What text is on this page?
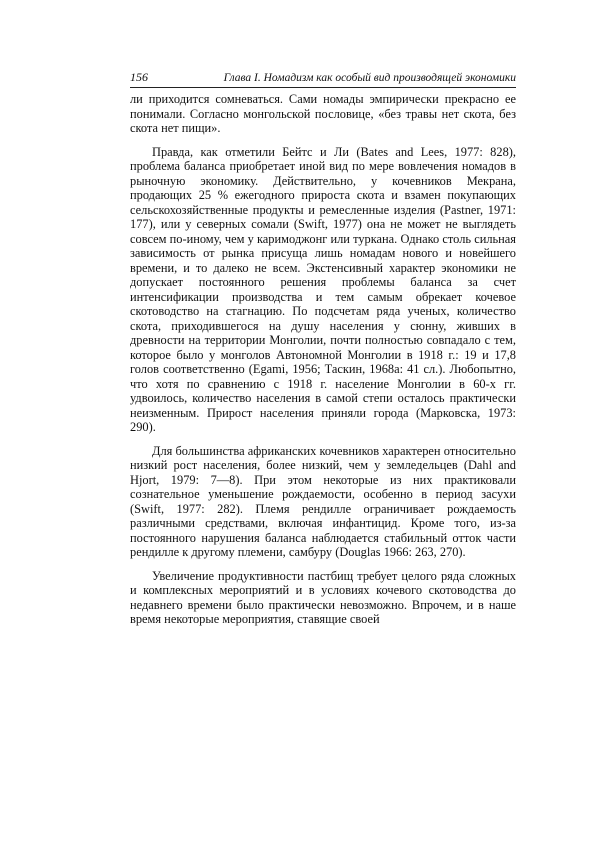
156	Глава I. Номадизм как особый вид производящей экономики

ли приходится сомневаться. Сами номады эмпирически прекрасно ее понимали. Согласно монгольской пословице, «без травы нет скота, без скота нет пищи».

Правда, как отметили Бейтс и Ли (Bates and Lees, 1977: 828), проблема баланса приобретает иной вид по мере вовлечения номадов в рыночную экономику. Действительно, у кочевников Мекрана, продающих 25 % ежегодного прироста скота и взамен покупающих сельскохозяйственные продукты и ремесленные изделия (Pastner, 1971: 177), или у северных сомали (Swift, 1977) она не может не выглядеть совсем по-иному, чем у каримоджонг или туркана. Однако столь сильная зависимость от рынка присуща лишь номадам нового и новейшего времени, и то далеко не всем. Экстенсивный характер экономики не допускает постоянного решения проблемы баланса за счет интенсификации производства и тем самым обрекает кочевое скотоводство на стагнацию. По подсчетам ряда ученых, количество скота, приходившегося на душу населения у сюнну, живших в древности на территории Монголии, почти полностью совпадало с тем, которое было у монголов Автономной Монголии в 1918 г.: 19 и 17,8 голов соответственно (Egami, 1956; Таскин, 1968а: 41 сл.). Любопытно, что хотя по сравнению с 1918 г. население Монголии в 60-х гг. удвоилось, количество населения в самой степи осталось практически неизменным. Прирост населения приняли города (Марковска, 1973: 290).

Для большинства африканских кочевников характерен относительно низкий рост населения, более низкий, чем у земледельцев (Dahl and Hjort, 1979: 7—8). При этом некоторые из них практиковали сознательное уменьшение рождаемости, особенно в период засухи (Swift, 1977: 282). Племя рендилле ограничивает рождаемость различными средствами, включая инфантицид. Кроме того, из-за постоянного нарушения баланса наблюдается стабильный отток части рендилле к другому племени, самбуру (Douglas 1966: 263, 270).

Увеличение продуктивности пастбищ требует целого ряда сложных и комплексных мероприятий и в условиях кочевого скотоводства до недавнего времени было практически невозможно. Впрочем, и в наше время некоторые мероприятия, ставящие своей
